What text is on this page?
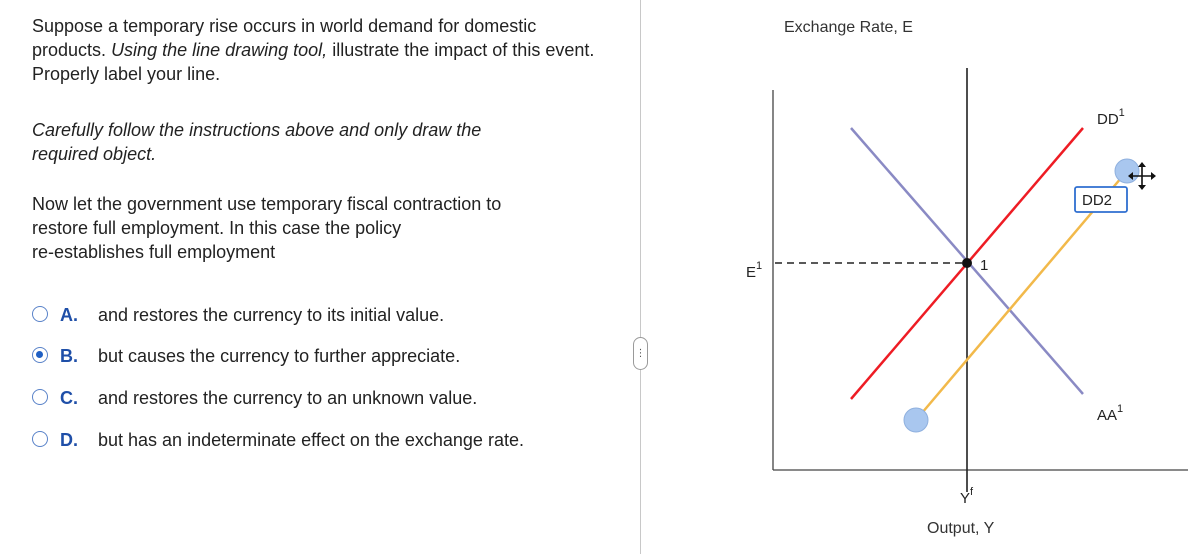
Suppose a temporary rise occurs in world demand for domestic products. Using the line drawing tool, illustrate the impact of this event. Properly label your line.

Carefully follow the instructions above and only draw the
required object.

Now let the government use temporary fiscal contraction to
restore full employment. In this case the policy
re-establishes full employment

A.	and restores the currency to its initial value.
B.	but causes the currency to further appreciate.
C.	and restores the currency to an unknown value.
D.	but has an indeterminate effect on the exchange rate.
⋮
Exchange Rate, E
DD2
1
$E^1$
$DD^1$
$AA^1$
$Y^f$
Output, Y
